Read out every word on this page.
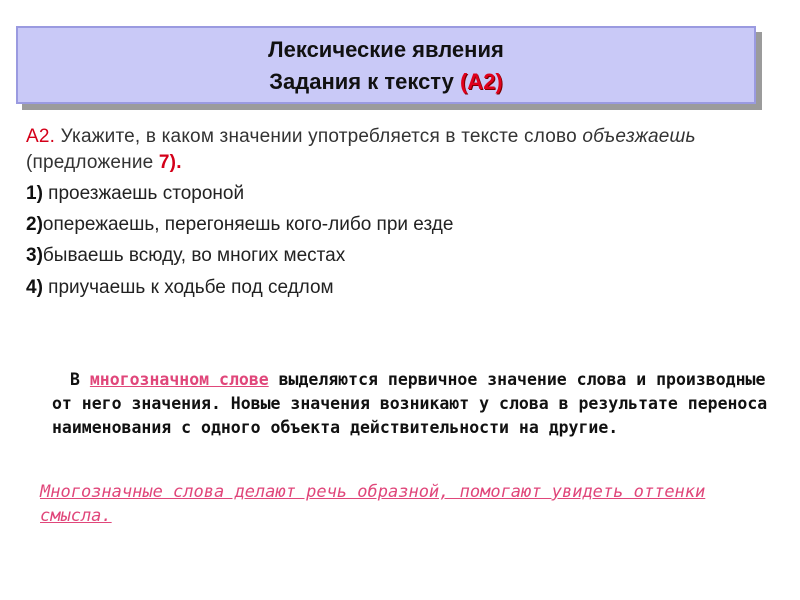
Лексические явления
Задания к тексту (А2)
А2. Укажите, в каком значении употребляется в тексте слово объезжаешь (предложение 7).
1) проезжаешь стороной
2)опережаешь, перегоняешь кого-либо при езде
3)бываешь всюду, во многих местах
4) приучаешь к ходьбе под седлом
В многозначном слове выделяются первичное значение слова и производные от него значения. Новые значения возникают у слова в результате переноса наименования с одного объекта действительности на другие.
Многозначные слова делают речь образной, помогают увидеть оттенки смысла.
